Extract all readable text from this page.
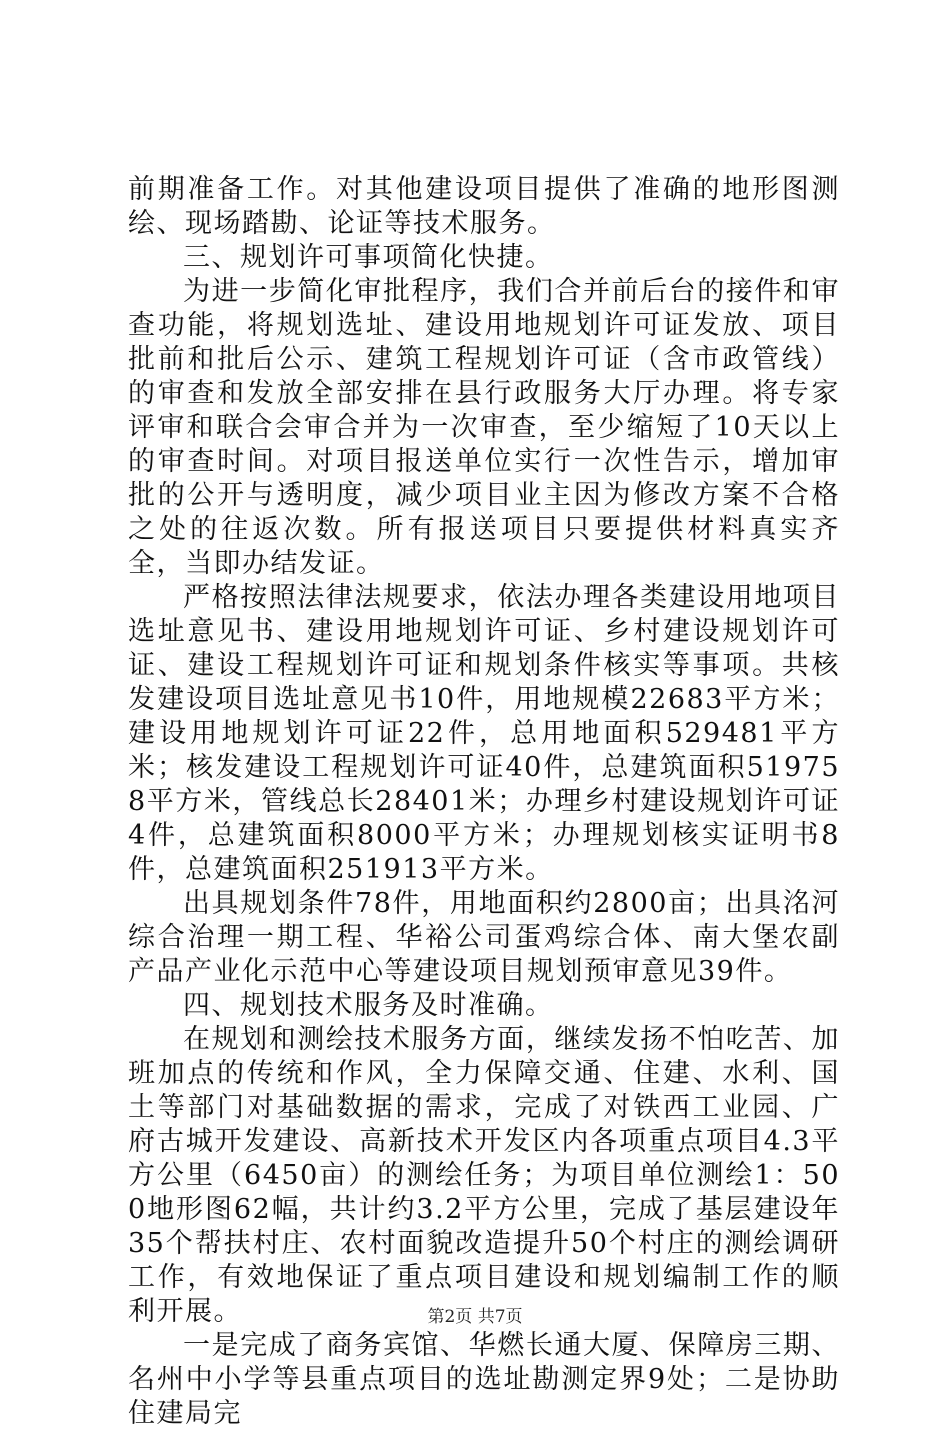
前期准备工作。对其他建设项目提供了准确的地形图测绘、现场踏勘、论证等技术服务。

三、规划许可事项简化快捷。

为进一步简化审批程序，我们合并前后台的接件和审查功能，将规划选址、建设用地规划许可证发放、项目批前和批后公示、建筑工程规划许可证（含市政管线）的审查和发放全部安排在县行政服务大厅办理。将专家评审和联合会审合并为一次审查，至少缩短了10天以上的审查时间。对项目报送单位实行一次性告示，增加审批的公开与透明度，减少项目业主因为修改方案不合格之处的往返次数。所有报送项目只要提供材料真实齐全，当即办结发证。

严格按照法律法规要求，依法办理各类建设用地项目选址意见书、建设用地规划许可证、乡村建设规划许可证、建设工程规划许可证和规划条件核实等事项。共核发建设项目选址意见书10件，用地规模22683平方米；建设用地规划许可证22件，总用地面积529481平方米；核发建设工程规划许可证40件，总建筑面积519758平方米，管线总长28401米；办理乡村建设规划许可证4件，总建筑面积8000平方米；办理规划核实证明书8件，总建筑面积251913平方米。

出具规划条件78件，用地面积约2800亩；出具洺河综合治理一期工程、华裕公司蛋鸡综合体、南大堡农副产品产业化示范中心等建设项目规划预审意见39件。

四、规划技术服务及时准确。

在规划和测绘技术服务方面，继续发扬不怕吃苦、加班加点的传统和作风，全力保障交通、住建、水利、国土等部门对基础数据的需求，完成了对铁西工业园、广府古城开发建设、高新技术开发区内各项重点项目4.3平方公里（6450亩）的测绘任务；为项目单位测绘1：500地形图62幅，共计约3.2平方公里，完成了基层建设年35个帮扶村庄、农村面貌改造提升50个村庄的测绘调研工作，有效地保证了重点项目建设和规划编制工作的顺利开展。

一是完成了商务宾馆、华燃长通大厦、保障房三期、名州中小学等县重点项目的选址勘测定界9处；二是协助住建局完

第2页 共7页
